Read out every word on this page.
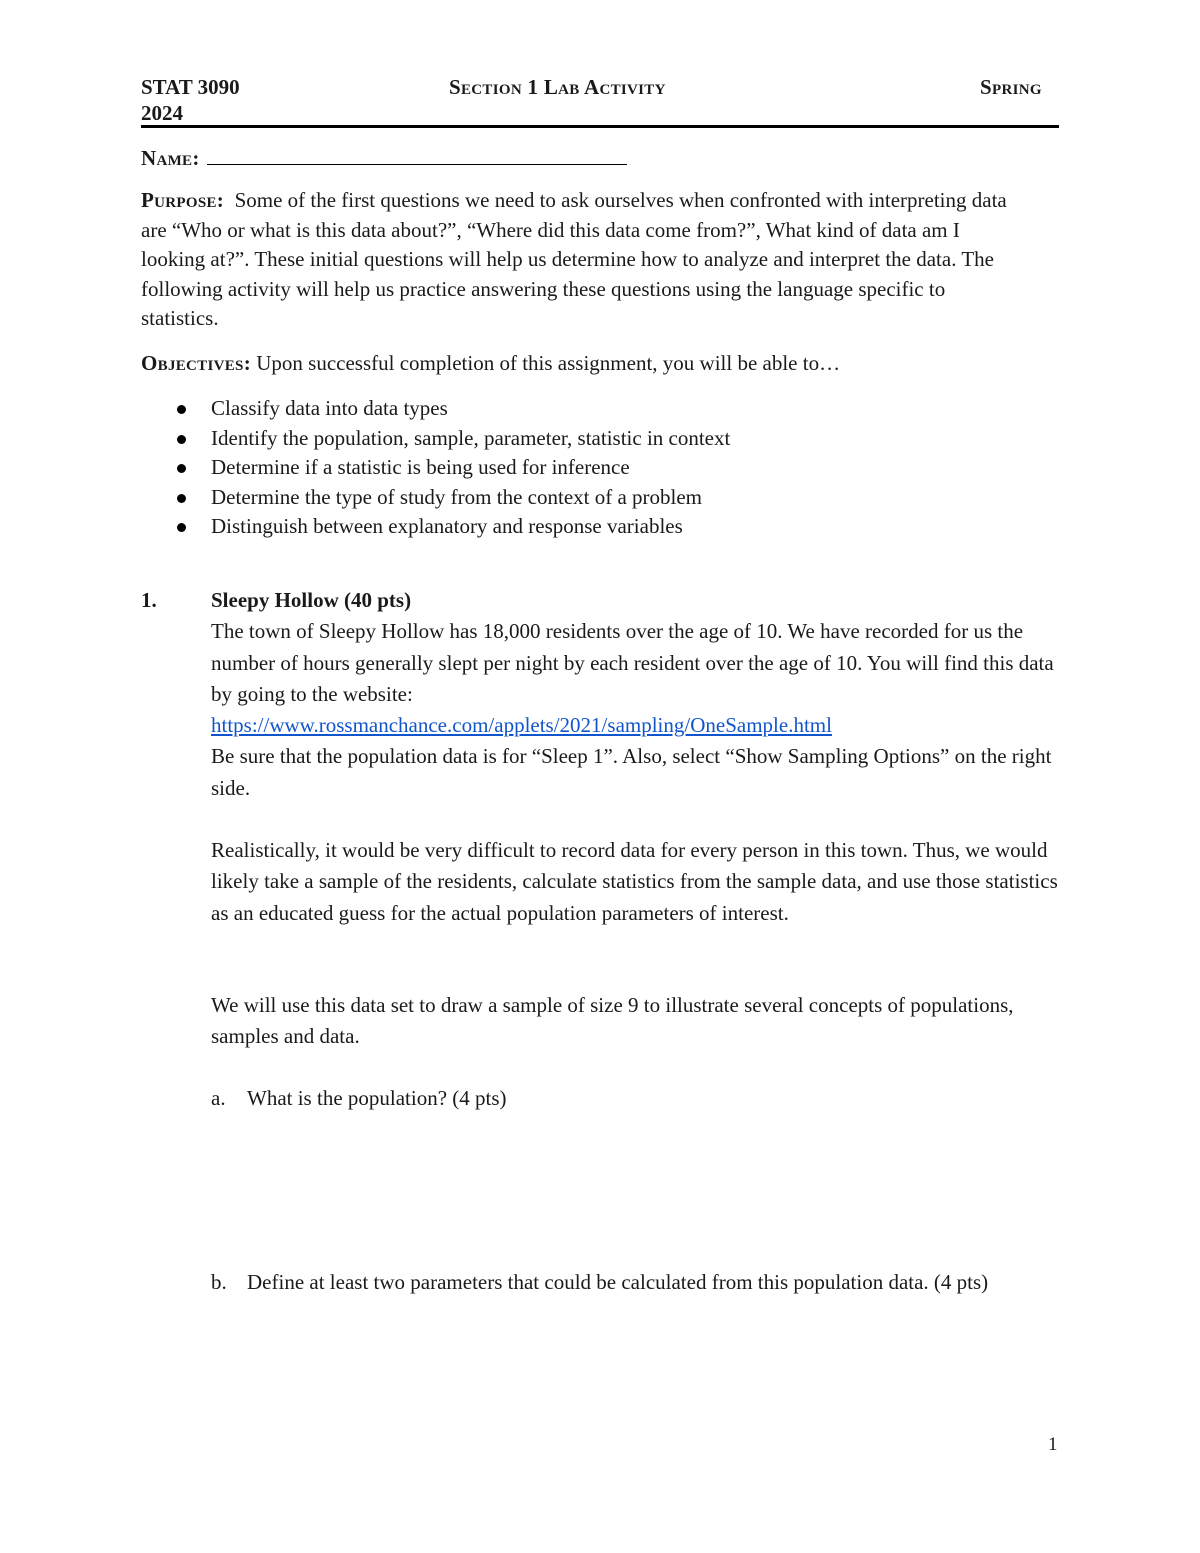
STAT 3090	Section 1 Lab Activity	Spring
2024
Name:
Purpose: Some of the first questions we need to ask ourselves when confronted with interpreting data are “Who or what is this data about?”, “Where did this data come from?”, What kind of data am I looking at?”. These initial questions will help us determine how to analyze and interpret the data. The following activity will help us practice answering these questions using the language specific to statistics.
Objectives: Upon successful completion of this assignment, you will be able to…
Classify data into data types
Identify the population, sample, parameter, statistic in context
Determine if a statistic is being used for inference
Determine the type of study from the context of a problem
Distinguish between explanatory and response variables
1.	Sleepy Hollow (40 pts)
The town of Sleepy Hollow has 18,000 residents over the age of 10. We have recorded for us the number of hours generally slept per night by each resident over the age of 10. You will find this data by going to the website:
https://www.rossmanchance.com/applets/2021/sampling/OneSample.html
Be sure that the population data is for “Sleep 1”. Also, select “Show Sampling Options” on the right side.
Realistically, it would be very difficult to record data for every person in this town. Thus, we would likely take a sample of the residents, calculate statistics from the sample data, and use those statistics as an educated guess for the actual population parameters of interest.
We will use this data set to draw a sample of size 9 to illustrate several concepts of populations, samples and data.
a.	What is the population? (4 pts)
b. Define at least two parameters that could be calculated from this population data. (4 pts)
1
